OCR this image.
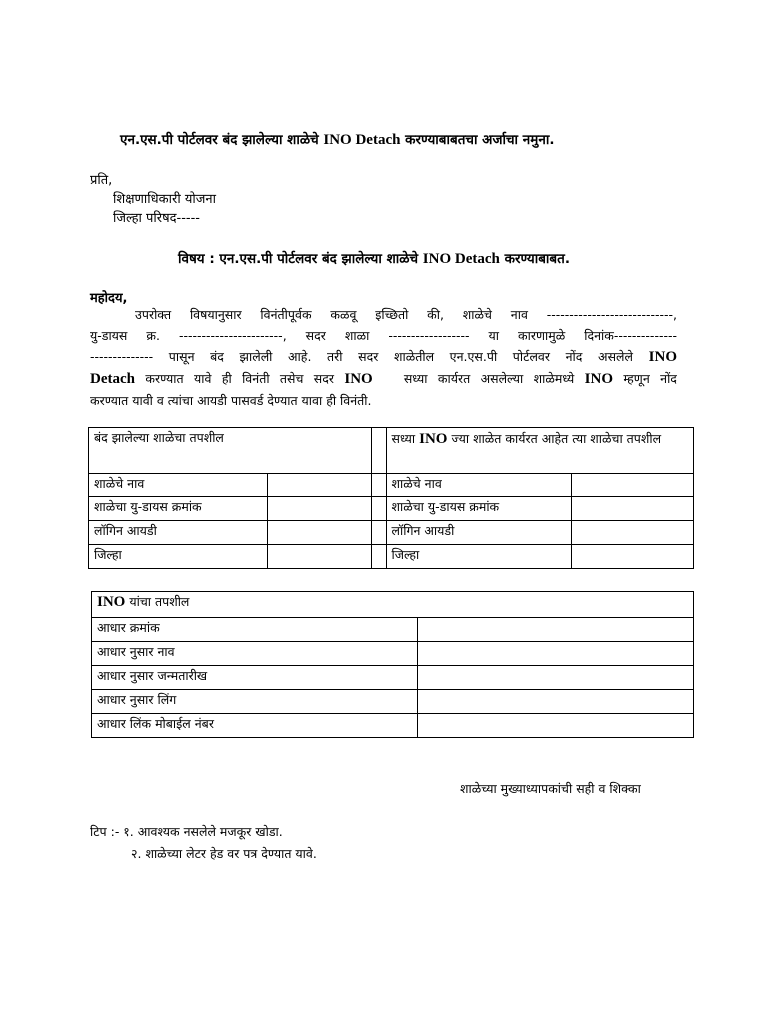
एन.एस.पी पोर्टलवर बंद झालेल्या शाळेचे INO Detach करण्याबाबतचा अर्जाचा नमुना.
प्रति,
शिक्षणाधिकारी योजना
जिल्हा परिषद-----
विषय : एन.एस.पी पोर्टलवर बंद झालेल्या शाळेचे INO Detach करण्याबाबत.
महोदय,
उपरोक्त विषयानुसार विनंतीपूर्वक कळवू इच्छितो की, शाळेचे नाव ----------------------------,
यु-डायस क्र. -----------------------, सदर शाळा ------------------ या कारणामुळे दिनांक--------------
-------------- पासून बंद झालेली आहे. तरी सदर शाळेतील एन.एस.पी पोर्टलवर नोंद असलेले INO
Detach करण्यात यावे ही विनंती तसेच सदर INO सध्या कार्यरत असलेल्या शाळेमध्ये INO म्हणून नोंद
करण्यात यावी व त्यांचा आयडी पासवर्ड देण्यात यावा ही विनंती.
बंद झालेल्या शाळेचा तपशील			सध्या INO ज्या शाळेत कार्यरत आहेत त्या शाळेचा तपशील	
शाळेचे नाव			शाळेचे नाव	
शाळेचा यु-डायस क्रमांक			शाळेचा यु-डायस क्रमांक	
लॉगिन आयडी			लॉगिन आयडी	
जिल्हा			जिल्हा	
INO यांचा तपशील	
आधार क्रमांक	
आधार नुसार नाव	
आधार नुसार जन्मतारीख	
आधार नुसार लिंग	
आधार लिंक मोबाईल नंबर	
शाळेच्या मुख्याध्यापकांची सही व शिक्का
टिप :- १. आवश्यक नसलेले मजकूर खोडा.
२. शाळेच्या लेटर हेड वर पत्र देण्यात यावे.
